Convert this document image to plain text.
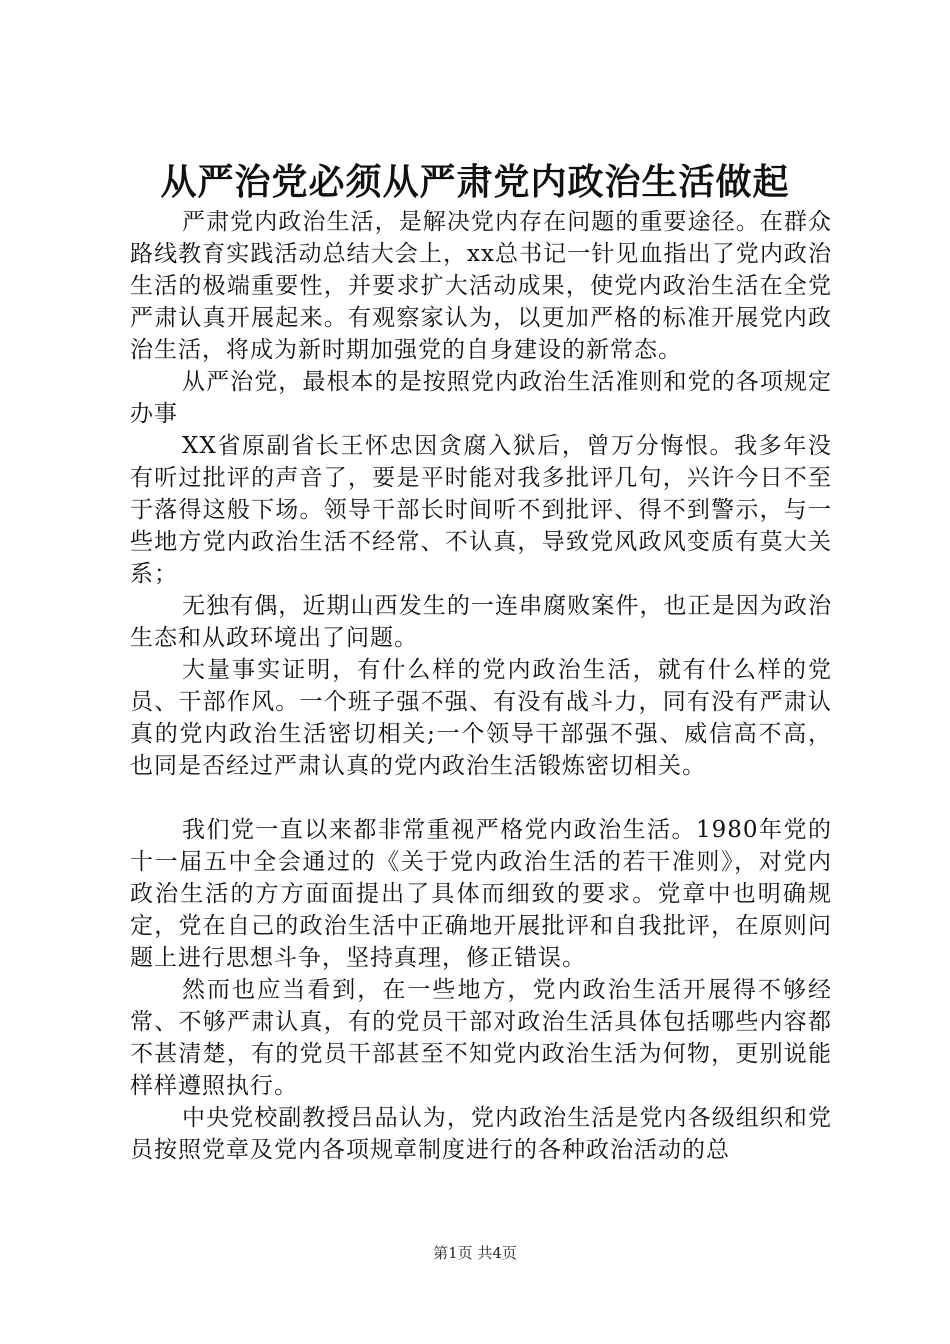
从严治党必须从严肃党内政治生活做起

严肃党内政治生活，是解决党内存在问题的重要途径。在群众路线教育实践活动总结大会上，xx总书记一针见血指出了党内政治生活的极端重要性，并要求扩大活动成果，使党内政治生活在全党严肃认真开展起来。有观察家认为，以更加严格的标准开展党内政治生活，将成为新时期加强党的自身建设的新常态。

从严治党，最根本的是按照党内政治生活准则和党的各项规定办事

XX省原副省长王怀忠因贪腐入狱后，曾万分悔恨。我多年没有听过批评的声音了，要是平时能对我多批评几句，兴许今日不至于落得这般下场。领导干部长时间听不到批评、得不到警示，与一些地方党内政治生活不经常、不认真，导致党风政风变质有莫大关系；

无独有偶，近期山西发生的一连串腐败案件，也正是因为政治生态和从政环境出了问题。

大量事实证明，有什么样的党内政治生活，就有什么样的党员、干部作风。一个班子强不强、有没有战斗力，同有没有严肃认真的党内政治生活密切相关;一个领导干部强不强、威信高不高，也同是否经过严肃认真的党内政治生活锻炼密切相关。

我们党一直以来都非常重视严格党内政治生活。1980年党的十一届五中全会通过的《关于党内政治生活的若干准则》，对党内政治生活的方方面面提出了具体而细致的要求。党章中也明确规定，党在自己的政治生活中正确地开展批评和自我批评，在原则问题上进行思想斗争，坚持真理，修正错误。

然而也应当看到，在一些地方，党内政治生活开展得不够经常、不够严肃认真，有的党员干部对政治生活具体包括哪些内容都不甚清楚，有的党员干部甚至不知党内政治生活为何物，更别说能样样遵照执行。

中央党校副教授吕品认为，党内政治生活是党内各级组织和党员按照党章及党内各项规章制度进行的各种政治活动的总

第1页 共4页
